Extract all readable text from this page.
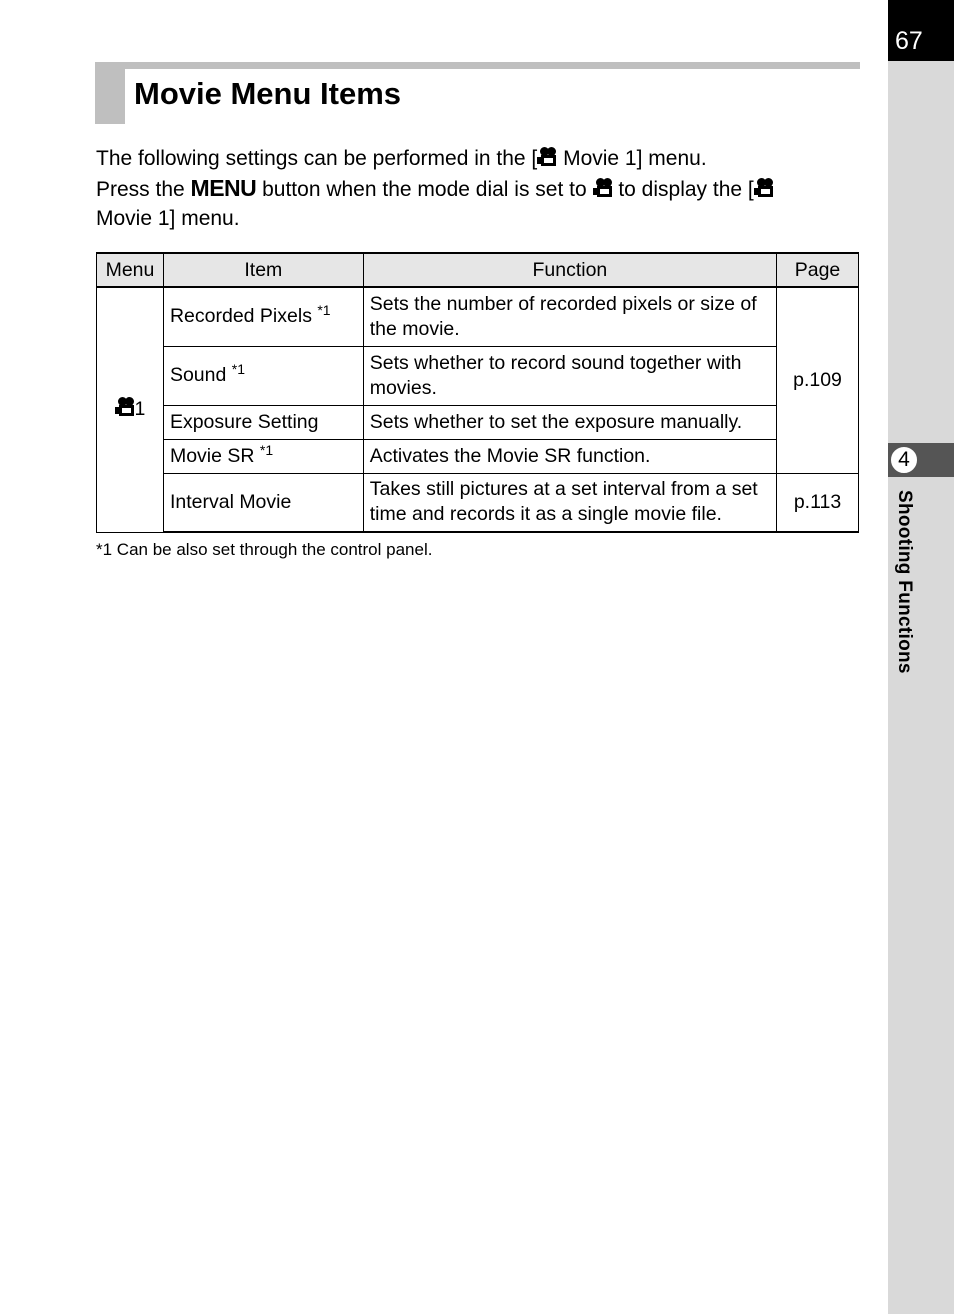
67
4
Shooting Functions
Movie Menu Items
The following settings can be performed in the [
Movie 1] menu.
Press the MENU button when the mode dial is set to
to display the [

Movie 1] menu.
Menu	Item	Function	Page

1	Recorded Pixels $^{*1}$	Sets the number of recorded pixels or size of the movie.	p.109
	Sound $^{*1}$	Sets whether to record sound together with movies.	
	Exposure Setting	Sets whether to set the exposure manually.	
	Movie SR $^{*1}$	Activates the Movie SR function.	
	Interval Movie	Takes still pictures at a set interval from a set time and records it as a single movie file.	p.113
*1 Can be also set through the control panel.
